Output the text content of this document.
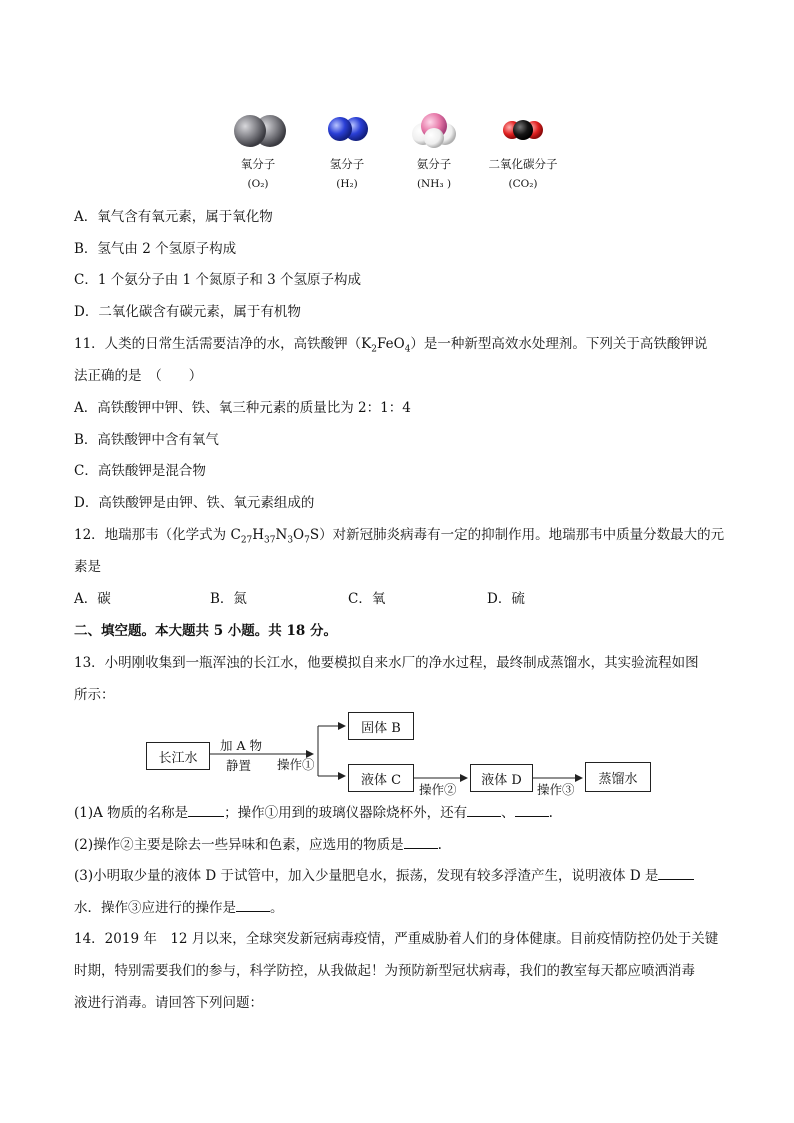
氧分子
(O₂)
氢分子
(H₂)
氨分子
(NH₃ )
二氧化碳分子
(CO₂)
A．氧气含有氧元素，属于氧化物
B．氢气由 2 个氢原子构成
C．1 个氨分子由 1 个氮原子和 3 个氢原子构成
D．二氧化碳含有碳元素，属于有机物
11．人类的日常生活需要洁净的水，高铁酸钾$(K_2FeO_4)$是一种新型高效水处理剂。下列关于高铁酸钾说
法正确的是　（　　）
A．高铁酸钾中钾、铁、氧三种元素的质量比为 2：1：4
B．高铁酸钾中含有氧气
C．高铁酸钾是混合物
D．高铁酸钾是由钾、铁、氧元素组成的
12．地瑞那韦（化学式为 $C_{27}H_{37}N_3O_7S$）对新冠肺炎病毒有一定的抑制作用。地瑞那韦中质量分数最大的元
素是
A．碳	B．氮	C．氧	D．硫
二、填空题。本大题共 5 小题。共 18 分。
13．小明刚收集到一瓶浑浊的长江水，他要模拟自来水厂的净水过程，最终制成蒸馏水，其实验流程如图
所示：
长江水
加 A 物
静置 操作①
固体 B
液体 C
操作②
液体 D
操作③
蒸馏水
(1)A 物质的名称是	；操作①用到的玻璃仪器除烧杯外，还有	、	.
(2)操作②主要是除去一些异味和色素，应选用的物质是	.
(3)小明取少量的液体 D 于试管中，加入少量肥皂水，振荡，发现有较多浮渣产生，说明液体 D 是
水．操作③应进行的操作是	。
14．2019 年　12 月以来，全球突发新冠病毒疫情，严重威胁着人们的身体健康。目前疫情防控仍处于关键
时期，特别需要我们的参与，科学防控，从我做起！为预防新型冠状病毒，我们的教室每天都应喷洒消毒
液进行消毒。请回答下列问题：
